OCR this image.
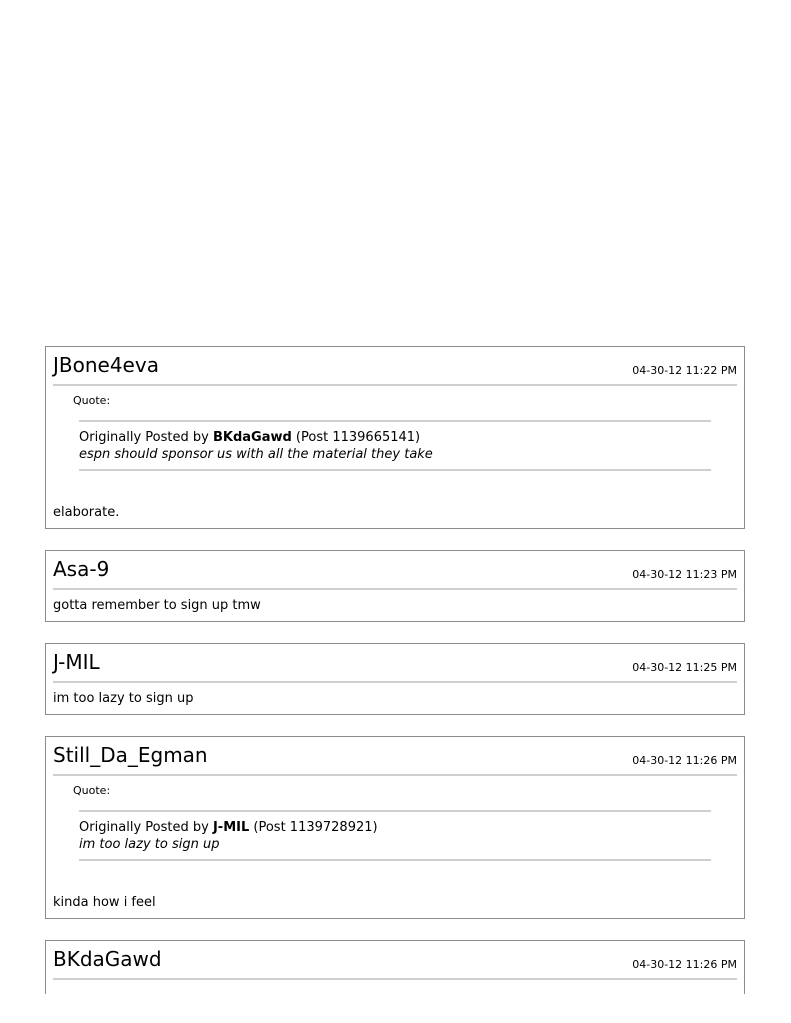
JBone4eva	04-30-12 11:22 PM
Quote:
Originally Posted by BKdaGawd (Post 1139665141)
espn should sponsor us with all the material they take
elaborate.
Asa-9	04-30-12 11:23 PM
gotta remember to sign up tmw
J-MIL	04-30-12 11:25 PM
im too lazy to sign up
Still_Da_Egman	04-30-12 11:26 PM
Quote:
Originally Posted by J-MIL (Post 1139728921)
im too lazy to sign up
kinda how i feel
BKdaGawd	04-30-12 11:26 PM
